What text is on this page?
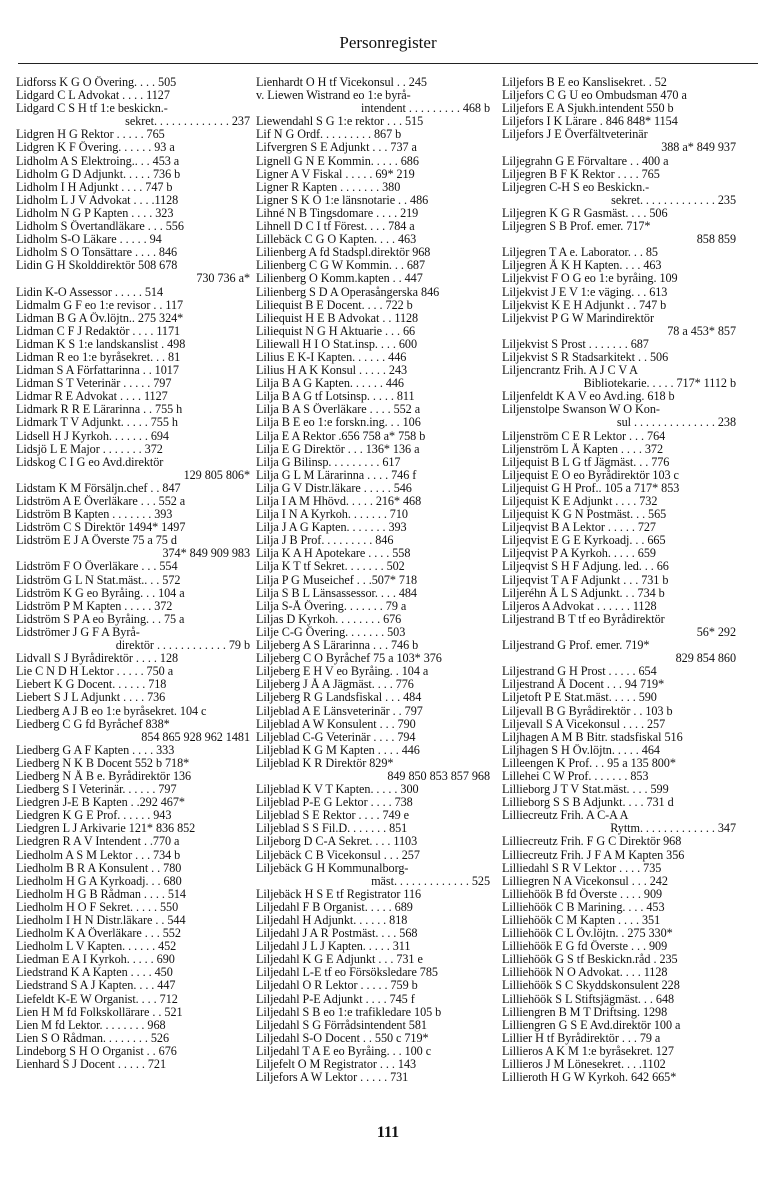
Personregister
Lidforss K G O Övering. . . . 505
Lidgard C L Advokat . . . . 1127
Lidgard C S H tf 1:e beskickn.-
sekret. . . . . . . . . . . . . 237
Lidgren H G Rektor . . . . . 765
Lidgren K F Övering. . . . . . 93 a
Lidholm A S Elektroing.. . . 453 a
Lidholm G D Adjunkt. . . . . 736 b
Lidholm I H Adjunkt . . . . 747 b
Lidholm L J V Advokat . . . .1128
Lidholm N G P Kapten . . . . 323
Lidholm S Övertandläkare . . . 556
Lidholm S-O Läkare . . . . . 94
Lidholm S O Tonsättare . . . . 846
Lidin G H Skolddirektör 508 678
730 736 a*
Lidin K-O Assessor . . . . . 514
Lidmalm G F eo 1:e revisor . . 117
Lidman B G A Öv.löjtn.. 275 324*
Lidman C F J Redaktör . . . . 1171
Lidman K S 1:e landskanslist . 498
Lidman R eo 1:e byråsekret. . . 81
Lidman S A Författarinna . . 1017
Lidman S T Veterinär . . . . . 797
Lidmar R E Advokat . . . . 1127
Lidmark R R E Lärarinna . . 755 h
Lidmark T V Adjunkt. . . . . 755 h
Lidsell H J Kyrkoh. . . . . . . 694
Lidsjö L E Major . . . . . . . 372
Lidskog C I G eo Avd.direktör
129 805 806*
Lidstam K M Försäljn.chef . . 847
Lidström A E Överläkare . . . 552 a
Lidström B Kapten . . . . . . . 393
Lidström C S Direktör 1494* 1497
Lidström E J A Överste 75 a 75 d
374* 849 909 983
Lidström F O Överläkare . . . 554
Lidström G L N Stat.mäst.. . . 572
Lidström K G eo Byråing. . . 104 a
Lidström P M Kapten . . . . . 372
Lidström S P A eo Byråing. . . 75 a
Lidströmer J G F A Byrå-
direktör . . . . . . . . . . . . 79 b
Lidvall S J Byrådirektör . . . . 128
Lie C N D H Lektor . . . . . 750 a
Liebert K G Docent. . . . . . 718
Liebert S J L Adjunkt . . . . 736
Liedberg A J B eo 1:e byråsekret. 104 c
Liedberg C G fd Byråchef 838*
854 865 928 962 1481
Liedberg G A F Kapten . . . . 333
Liedberg N K B Docent 552 b 718*
Liedberg N Å B e. Byrådirektör 136
Liedberg S I Veterinär. . . . . . 797
Liedgren J-E B Kapten . .292 467*
Liedgren K G E Prof. . . . . . 943
Liedgren L J Arkivarie 121* 836 852
Liedgren R A V Intendent . .770 a
Liedholm A S M Lektor . . . 734 b
Liedholm B R A Konsulent . . 780
Liedholm H G A Kyrkoadj. . . 680
Liedholm H G B Rådman . . . . 514
Liedholm H O F Sekret. . . . . 550
Liedholm I H N Distr.läkare . . 544
Liedholm K A Överläkare . . . 552
Liedholm L V Kapten. . . . . . 452
Liedman E A I Kyrkoh. . . . . 690
Liedstrand K A Kapten . . . . 450
Liedstrand S A J Kapten. . . . 447
Liefeldt K-E W Organist. . . . 712
Lien H M fd Folkskollärare . . 521
Lien M fd Lektor. . . . . . . . 968
Lien S O Rådman. . . . . . . . 526
Lindeborg S H O Organist . . 676
Lienhard S J Docent . . . . . 721
Lienhardt O H tf Vicekonsul . . 245
v. Liewen Wistrand eo 1:e byrå-
intendent . . . . . . . . . 468 b
Liewendahl S G 1:e rektor . . . 515
Lif N G Ordf. . . . . . . . . 867 b
Lifvergren S E Adjunkt . . . 737 a
Lignell G N E Kommin. . . . . 686
Ligner A V Fiskal . . . . . 69* 219
Ligner R Kapten . . . . . . . 380
Ligner S K O 1:e länsnotarie . . 486
Lihné N B Tingsdomare . . . . 219
Lihnell D C I tf Förest. . . . 784 a
Lillebäck C G O Kapten. . . . 463
Lilienberg A fd Stadspl.direktör 968
Lilienberg C G W Kommin. . . 687
Lilienberg O Komm.kapten . . 447
Lilienberg S D A Operasångerska 846
Liliequist B E Docent. . . . 722 b
Liliequist H E B Advokat . . 1128
Liliequist N G H Aktuarie . . . 66
Liliewall H I O Stat.insp. . . . 600
Lilius E K-I Kapten. . . . . . 446
Lilius H A K Konsul . . . . . 243
Lilja B A G Kapten. . . . . . 446
Lilja B A G tf Lotsinsp. . . . . 811
Lilja B A S Överläkare . . . . 552 a
Lilja B E eo 1:e forskn.ing. . . 106
Lilja E A Rektor .656 758 a* 758 b
Lilja E G Direktör . . . 136* 136 a
Lilja G Bilinsp. . . . . . . . . 617
Lilja G L M Lärarinna . . . . 746 f
Lilja G V Distr.läkare . . . . . 546
Lilja I A M Hhövd. . . . . 216* 468
Lilja I N A Kyrkoh. . . . . . . 710
Lilja J A G Kapten. . . . . . . 393
Lilja J B Prof. . . . . . . . . 846
Lilja K A H Apotekare . . . . 558
Lilja K T tf Sekret. . . . . . . 502
Lilja P G Museichef . . .507* 718
Lilja S B L Länsassessor. . . . 484
Lilja S-Å Övering. . . . . . . 79 a
Liljas D Kyrkoh. . . . . . . . 676
Lilje C-G Övering. . . . . . . 503
Liljeberg A S Lärarinna . . . 746 b
Liljeberg C O Byråchef 75 a 103* 376
Liljeberg E H V eo Byråing. . 104 a
Liljeberg J Å A Jägmäst. . . . 776
Liljeberg R G Landsfiskal . . . 484
Liljeblad A E Länsveterinär . . 797
Liljeblad A W Konsulent . . . 790
Liljeblad C-G Veterinär . . . . 794
Liljeblad K G M Kapten . . . . 446
Liljeblad K R Direktör 829*
849 850 853 857 968
Liljeblad K V T Kapten. . . . . 300
Liljeblad P-E G Lektor . . . . 738
Liljeblad S E Rektor . . . . 749 e
Liljeblad S S Fil.D. . . . . . . 851
Liljeborg D C-A Sekret. . . . 1103
Liljebäck C B Vicekonsul . . . 257
Liljebäck G H Kommunalborg-
mäst. . . . . . . . . . . . . 525
Liljebäck H S E tf Registrator 116
Liljedahl F B Organist. . . . . 689
Liljedahl H Adjunkt. . . . . . 818
Liljedahl J A R Postmäst. . . . 568
Liljedahl J L J Kapten. . . . . 311
Liljedahl K G E Adjunkt . . . 731 e
Liljedahl L-E tf eo Försöksledare 785
Liljedahl O R Lektor . . . . . 759 b
Liljedahl P-E Adjunkt . . . . 745 f
Liljedahl S B eo 1:e trafikledare 105 b
Liljedahl S G Förrådsintendent 581
Liljedahl S-O Docent . . 550 c 719*
Liljedahl T A E eo Byråing. . . 100 c
Liljefelt O M Registrator . . . 143
Liljefors A W Lektor . . . . . 731
Liljefors B E eo Kanslisekret. . 52
Liljefors C G U eo Ombudsman 470 a
Liljefors E A Sjukh.intendent 550 b
Liljefors I K Lärare . 846 848* 1154
Liljefors J E Överfältveterinär
388 a* 849 937
Liljegrahn G E Förvaltare . . 400 a
Liljegren B F K Rektor . . . . 765
Liljegren C-H S eo Beskickn.-
sekret. . . . . . . . . . . . . 235
Liljegren K G R Gasmäst. . . . 506
Liljegren S B Prof. emer. 717*
858 859
Liljegren T A e. Laborator. . . 85
Liljegren Å K H Kapten. . . . 463
Liljekvist F O G eo 1:e byråing. 109
Liljekvist J E V 1:e väging. . . 613
Liljekvist K E H Adjunkt . . 747 b
Liljekvist P G W Marindirektör
78 a 453* 857
Liljekvist S Prost . . . . . . . 687
Liljekvist S R Stadsarkitekt . . 506
Liljencrantz Frih. A J C V A
Bibliotekarie. . . . . 717* 1112 b
Liljenfeldt K A V eo Avd.ing. 618 b
Liljenstolpe Swanson W O Kon-
sul . . . . . . . . . . . . . . 238
Liljenström C E R Lektor . . . 764
Liljenström L Å Kapten . . . . 372
Liljequist B L G tf Jägmäst. . . 776
Liljequist E O eo Byrådirektör 103 c
Liljequist G H Prof.. 105 a 717* 853
Liljequist K E Adjunkt . . . . 732
Liljequist K G N Postmäst. . . 565
Liljeqvist B A Lektor . . . . . 727
Liljeqvist E G E Kyrkoadj. . . 665
Liljeqvist P A Kyrkoh. . . . . 659
Liljeqvist S H F Adjung. led. . . 66
Liljeqvist T A F Adjunkt . . . 731 b
Liljeréhn Å L S Adjunkt. . . 734 b
Liljeros A Advokat . . . . . . 1128
Liljestrand B T tf eo Byrådirektör
56* 292
Liljestrand G Prof. emer. 719*
829 854 860
Liljestrand G H Prost . . . . . 654
Liljestrand Å Docent . . . 94 719*
Liljetoft P E Stat.mäst. . . . . 590
Liljevall B G Byrådirektör . . 103 b
Liljevall S A Vicekonsul . . . . 257
Liljhagen A M B Bitr. stadsfiskal 516
Liljhagen S H Öv.löjtn. . . . . 464
Lilleengen K Prof. . . 95 a 135 800*
Lillehei C W Prof. . . . . . . 853
Lillieborg J T V Stat.mäst. . . . 599
Lillieborg S S B Adjunkt. . . . 731 d
Lilliecreutz Frih. A C-A A
Ryttm. . . . . . . . . . . . . 347
Lilliecreutz Frih. F G C Direktör 968
Lilliecreutz Frih. J F A M Kapten 356
Lilliedahl S R V Lektor . . . . 735
Lilliegren N A Vicekonsul . . . 242
Lilliehöök B fd Överste . . . . 909
Lilliehöök C B Marining. . . . 453
Lilliehöök C M Kapten . . . . 351
Lilliehöök C L Öv.löjtn. . 275 330*
Lilliehöök E G fd Överste . . . 909
Lilliehöök G S tf Beskickn.råd . 235
Lilliehöök N O Advokat. . . . 1128
Lilliehöök S C Skyddskonsulent 228
Lilliehöök S L Stiftsjägmäst. . . 648
Lilliengren B M T Driftsing. 1298
Lilliengren G S E Avd.direktör 100 a
Lillier H tf Byrådirektör . . . 79 a
Lillieros A K M 1:e byråsekret. 127
Lillieros J M Lönesekret. . . .1102
Lillieroth H G W Kyrkoh. 642 665*
111
